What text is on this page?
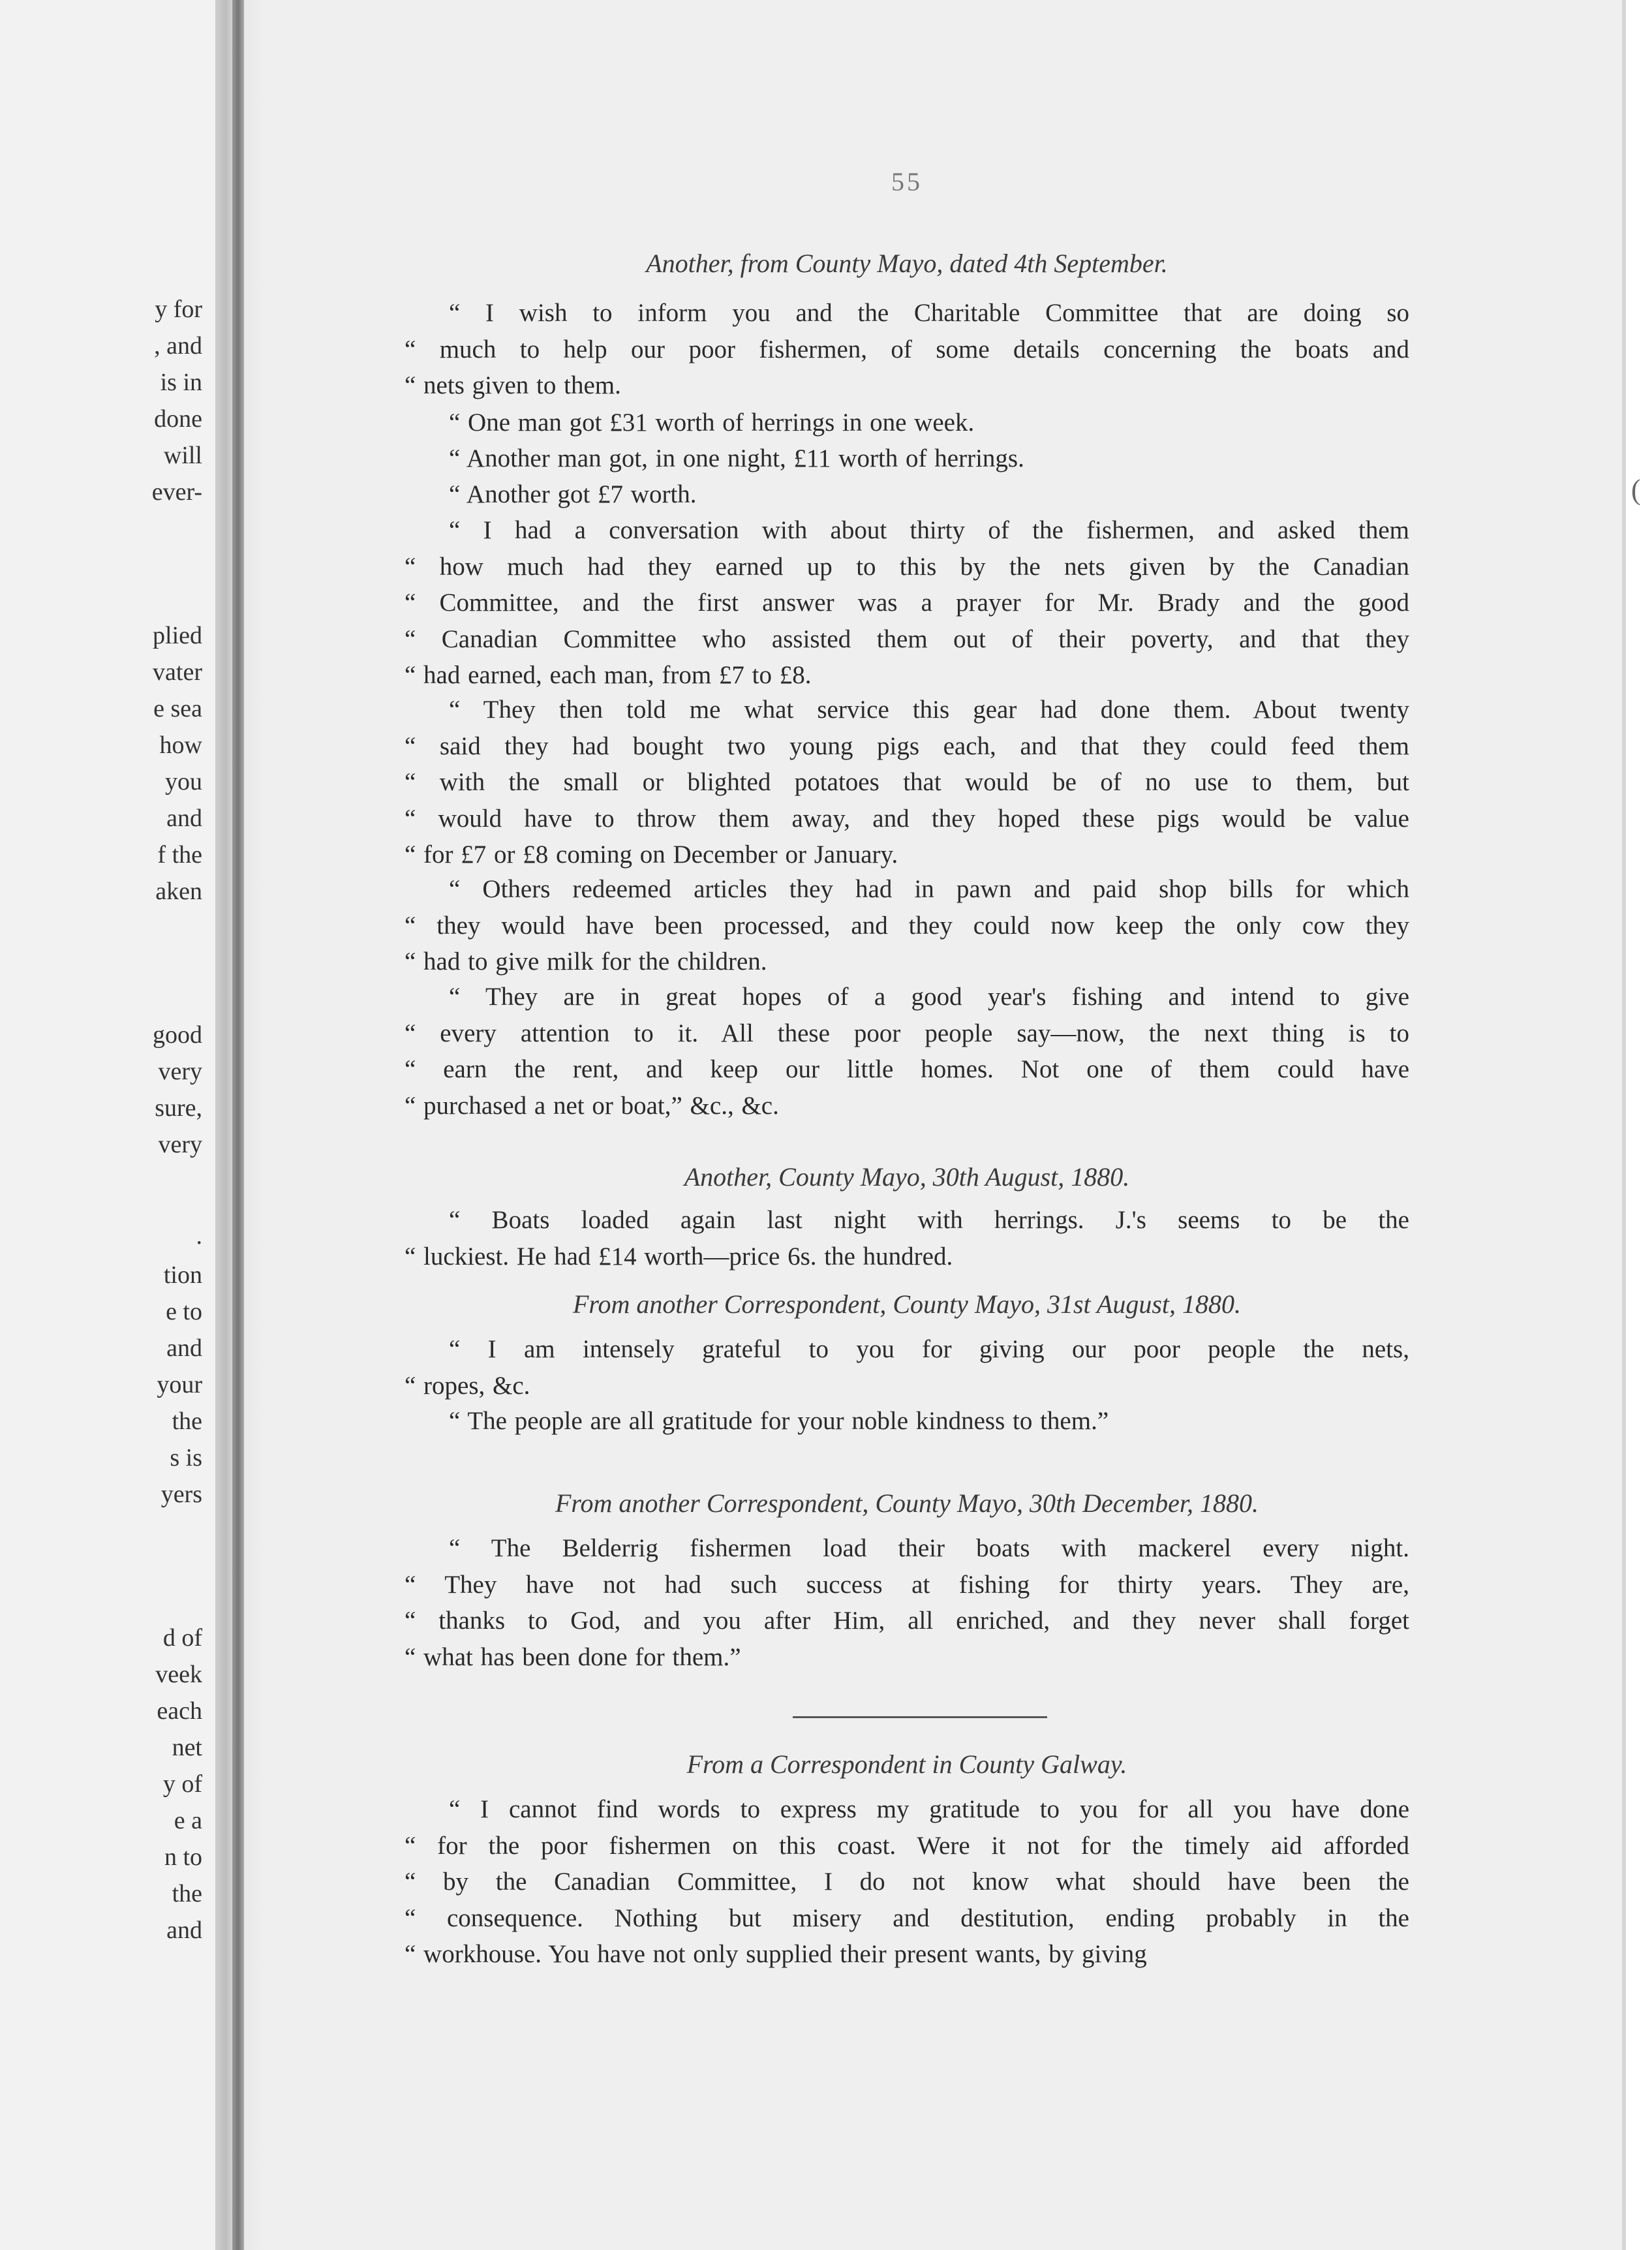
y for
, and
is in
done
will
ever-
plied
vater
e sea
how
you
and
f the
aken
good
very
sure,
very
.
tion
e to
and
your
the
s is
yers
d of
veek
each
net
y of
e a
n to
the
and
(
55
Another, from County Mayo, dated 4th September.
“ I wish to inform you and the Charitable Committee that are doing so
“ much to help our poor fishermen, of some details concerning the boats and
“ nets given to them.
“ One man got £31 worth of herrings in one week.
“ Another man got, in one night, £11 worth of herrings.
“ Another got £7 worth.
“ I had a conversation with about thirty of the fishermen, and asked them
“ how much had they earned up to this by the nets given by the Canadian
“ Committee, and the first answer was a prayer for Mr. Brady and the good
“ Canadian Committee who assisted them out of their poverty, and that they
“ had earned, each man, from £7 to £8.
“ They then told me what service this gear had done them. About twenty
“ said they had bought two young pigs each, and that they could feed them
“ with the small or blighted potatoes that would be of no use to them, but
“ would have to throw them away, and they hoped these pigs would be value
“ for £7 or £8 coming on December or January.
“ Others redeemed articles they had in pawn and paid shop bills for which
“ they would have been processed, and they could now keep the only cow they
“ had to give milk for the children.
“ They are in great hopes of a good year's fishing and intend to give
“ every attention to it. All these poor people say—now, the next thing is to
“ earn the rent, and keep our little homes. Not one of them could have
“ purchased a net or boat,” &c., &c.
Another, County Mayo, 30th August, 1880.
“ Boats loaded again last night with herrings. J.'s seems to be the
“ luckiest. He had £14 worth—price 6s. the hundred.
From another Correspondent, County Mayo, 31st August, 1880.
“ I am intensely grateful to you for giving our poor people the nets,
“ ropes, &c.
“ The people are all gratitude for your noble kindness to them.”
From another Correspondent, County Mayo, 30th December, 1880.
“ The Belderrig fishermen load their boats with mackerel every night.
“ They have not had such success at fishing for thirty years. They are,
“ thanks to God, and you after Him, all enriched, and they never shall forget
“ what has been done for them.”
From a Correspondent in County Galway.
“ I cannot find words to express my gratitude to you for all you have done
“ for the poor fishermen on this coast. Were it not for the timely aid afforded
“ by the Canadian Committee, I do not know what should have been the
“ consequence. Nothing but misery and destitution, ending probably in the
“ workhouse. You have not only supplied their present wants, by giving
